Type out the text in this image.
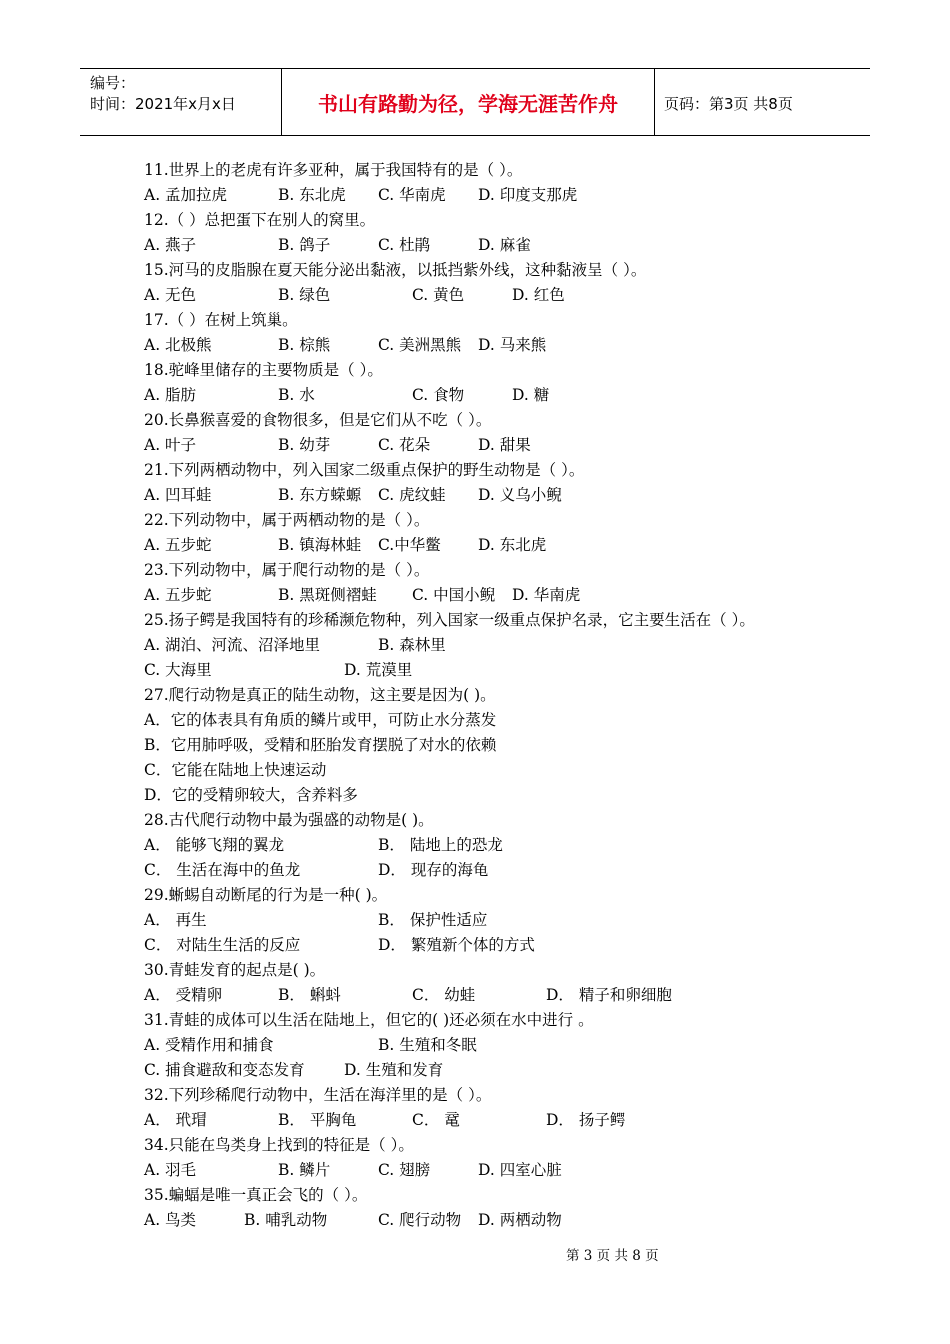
编号：
时间：2021年x月x日	书山有路勤为径，学海无涯苦作舟	页码：第3页 共8页
11.世界上的老虎有许多亚种，属于我国特有的是（ ）。
A. 孟加拉虎	B. 东北虎 C. 华南虎 D. 印度支那虎
12.（ ）总把蛋下在别人的窝里。
A. 燕子	B. 鸽子	C. 杜鹃	D. 麻雀
15.河马的皮脂腺在夏天能分泌出黏液，以抵挡紫外线，这种黏液呈（ ）。
A. 无色	B. 绿色	C. 黄色	D. 红色
17.（ ）在树上筑巢。
A. 北极熊	B. 棕熊	C. 美洲黑熊 D. 马来熊
18.驼峰里储存的主要物质是（ ）。
A. 脂肪	B. 水	C. 食物	D. 糖
20.长鼻猴喜爱的食物很多，但是它们从不吃（ ）。
A. 叶子	B. 幼芽	C. 花朵	D. 甜果
21.下列两栖动物中，列入国家二级重点保护的野生动物是（ ）。
A. 凹耳蛙	B. 东方蝾螈 C. 虎纹蛙 D. 义乌小鲵
22.下列动物中，属于两栖动物的是（ ）。
A. 五步蛇	B. 镇海林蛙 C.中华鳖 D. 东北虎
23.下列动物中，属于爬行动物的是（ ）。
A. 五步蛇	B. 黑斑侧褶蛙 C. 中国小鲵 D. 华南虎
25.扬子鳄是我国特有的珍稀濒危物种，列入国家一级重点保护名录，它主要生活在（ ）。
A. 湖泊、河流、沼泽地里	B. 森林里
C. 大海里	D. 荒漠里
27.爬行动物是真正的陆生动物，这主要是因为( )。
A．它的体表具有角质的鳞片或甲，可防止水分蒸发
B．它用肺呼吸，受精和胚胎发育摆脱了对水的依赖
C．它能在陆地上快速运动
D．它的受精卵较大，含养料多
28.古代爬行动物中最为强盛的动物是( )。
A． 能够飞翔的翼龙	B． 陆地上的恐龙
C． 生活在海中的鱼龙	D． 现存的海龟
29.蜥蜴自动断尾的行为是一种( )。
A． 再生	B． 保护性适应
C． 对陆生生活的反应	D． 繁殖新个体的方式
30.青蛙发育的起点是( )。
A． 受精卵	B． 蝌蚪	C． 幼蛙	D． 精子和卵细胞
31.青蛙的成体可以生活在陆地上，但它的( )还必须在水中进行 。
A. 受精作用和捕食	B. 生殖和冬眠
C. 捕食避敌和变态发育	D. 生殖和发育
32.下列珍稀爬行动物中，生活在海洋里的是（ ）。
A． 玳瑁	B． 平胸龟	C． 鼋	D． 扬子鳄
34.只能在鸟类身上找到的特征是（ ）。
A. 羽毛	B. 鳞片	C. 翅膀	D. 四室心脏
35.蝙蝠是唯一真正会飞的（ ）。
A. 鸟类	B. 哺乳动物	C. 爬行动物 D. 两栖动物
第 3 页 共 8 页
